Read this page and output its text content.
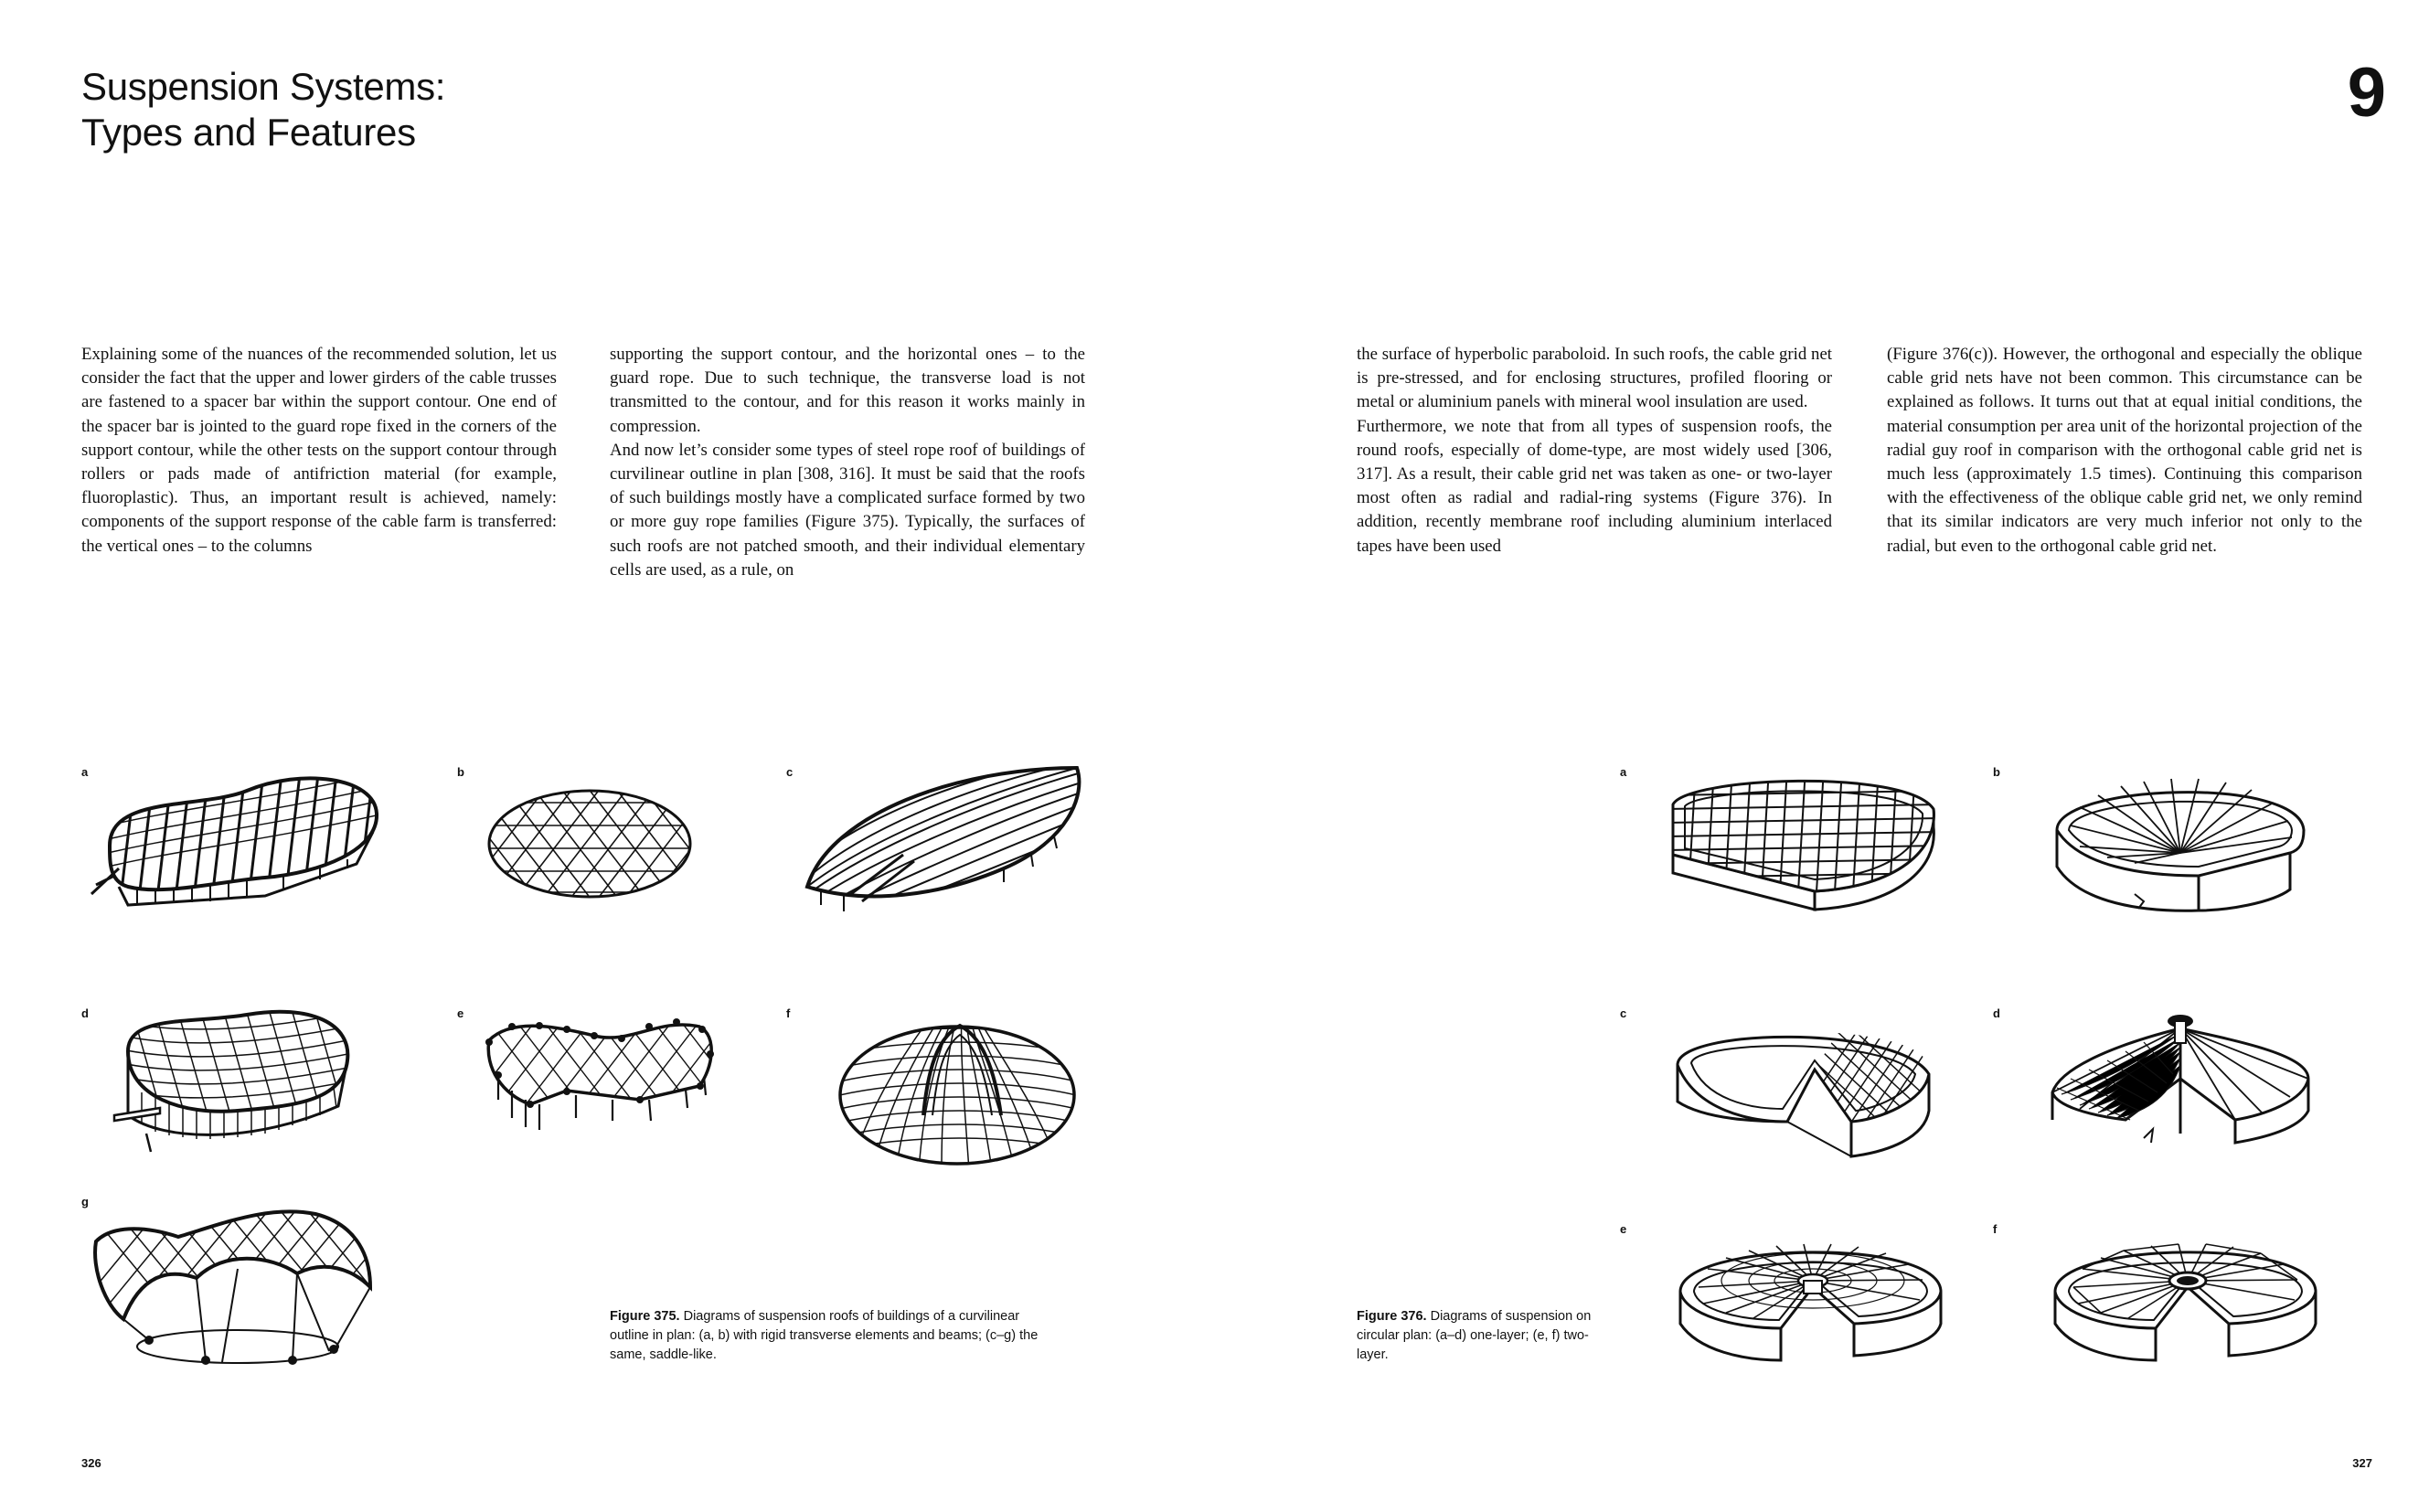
Suspension Systems:
Types and Features
9

Explaining some of the nuances of the recommended solution, let us consider the fact that the upper and lower girders of the cable trusses are fastened to a spacer bar within the support contour. One end of the spacer bar is jointed to the guard rope fixed in the corners of the support contour, while the other tests on the support contour through rollers or pads made of antifriction material (for example, fluoroplastic). Thus, an important result is achieved, namely: components of the support response of the cable farm is transferred: the vertical ones – to the columns

supporting the support contour, and the horizontal ones – to the guard rope. Due to such technique, the transverse load is not transmitted to the contour, and for this reason it works mainly in compression.

And now let’s consider some types of steel rope roof of buildings of curvilinear outline in plan [308, 316]. It must be said that the roofs of such buildings mostly have a complicated surface formed by two or more guy rope families (Figure 375). Typically, the surfaces of such roofs are not patched smooth, and their individual elementary cells are used, as a rule, on

the surface of hyperbolic paraboloid. In such roofs, the cable grid net is pre-stressed, and for enclosing structures, profiled flooring or metal or aluminium panels with mineral wool insulation are used.

Furthermore, we note that from all types of suspension roofs, the round roofs, especially of dome-type, are most widely used [306, 317]. As a result, their cable grid net was taken as one- or two-layer most often as radial and radial-ring systems (Figure 376). In addition, recently membrane roof including aluminium interlaced tapes have been used

(Figure 376(c)). However, the orthogonal and especially the oblique cable grid nets have not been common. This circumstance can be explained as follows. It turns out that at equal initial conditions, the material consumption per area unit of the horizontal projection of the radial guy roof in comparison with the orthogonal cable grid net is much less (approximately 1.5 times). Continuing this comparison with the effectiveness of the oblique cable grid net, we only remind that its similar indicators are very much inferior not only to the radial, but even to the orthogonal cable grid net.

a	b	c
d	e	f
g
Figure 375. Diagrams of suspension roofs of buildings of a curvilinear outline in plan: (a, b) with rigid transverse elements and beams; (c–g) the same, saddle-like.
a	b
c	d
e	f
Figure 376. Diagrams of suspension on circular plan: (a–d) one-layer; (e, f) two-layer.
326	327
